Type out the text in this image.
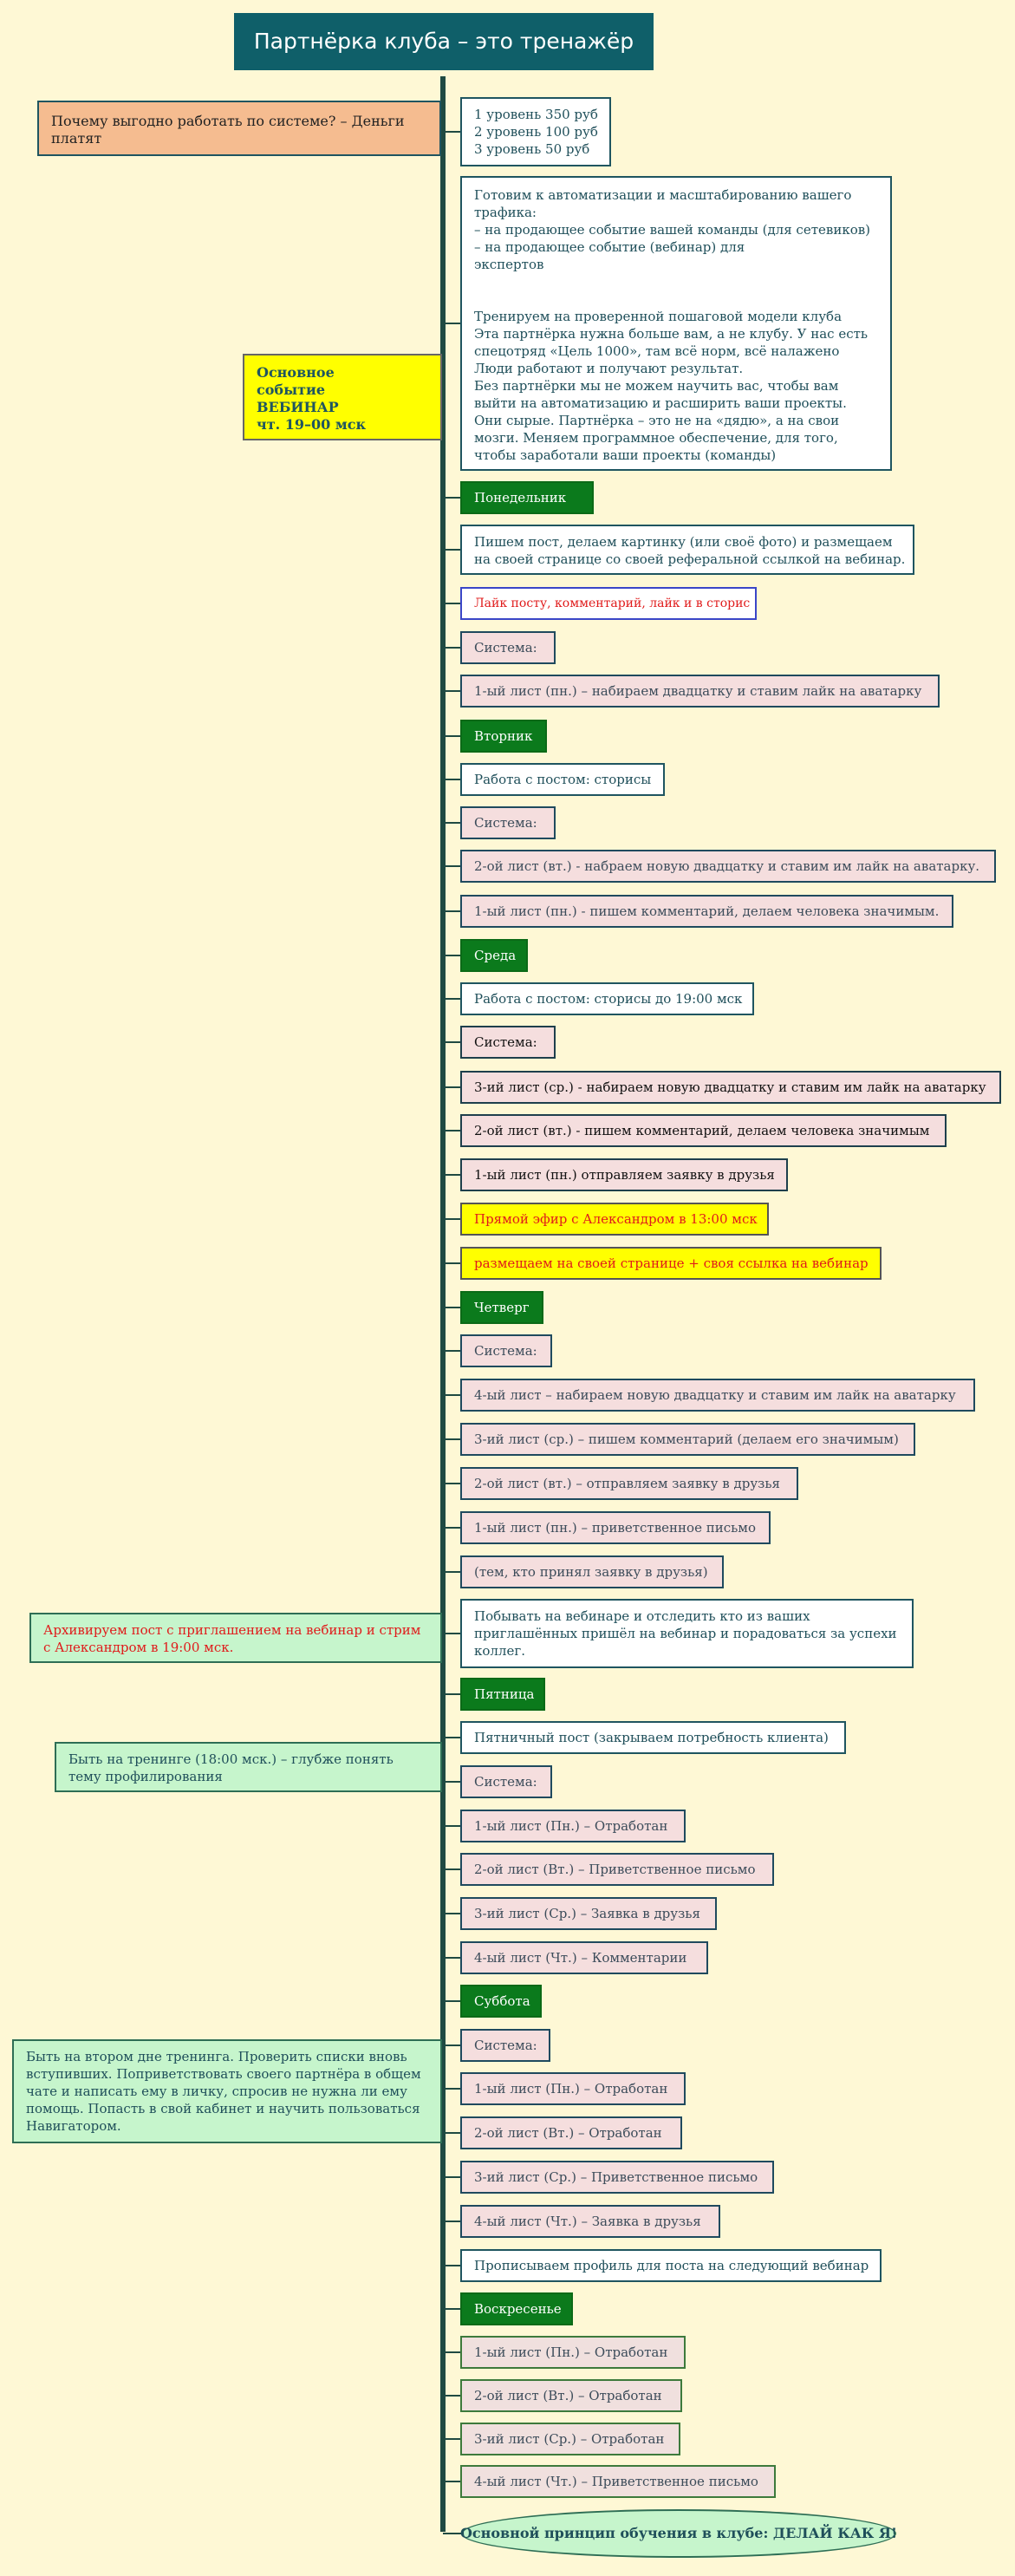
Партнёрка клуба – это тренажёр
Почему выгодно работать по системе? – Деньги платят
Основное
событие
ВЕБИНАР
чт. 19–00 мск
Архивируем пост с приглашением на вебинар и стрим с Александром в 19:00 мск.
Быть на тренинге (18:00 мск.) – глубже понять тему профилирования
Быть на втором дне тренинга. Проверить списки вновь вступивших. Поприветствовать своего партнёра в общем чате и написать ему в личку, спросив не нужна ли ему помощь. Попасть в свой кабинет и научить пользоваться Навигатором.
1 уровень 350 руб
2 уровень 100 руб
3 уровень 50 руб
Готовим к автоматизации и масштабированию вашего
трафика:
– на продающее событие вашей команды (для сетевиков)
– на продающее событие (вебинар) для
экспертов
Тренируем на проверенной пошаговой модели клуба
Эта партнёрка нужна больше вам, а не клубу. У нас есть
спецотряд «Цель 1000», там всё норм, всё налажено
Люди работают и получают результат.
Без партнёрки мы не можем научить вас, чтобы вам
выйти на автоматизацию и расширить ваши проекты.
Они сырые. Партнёрка – это не на «дядю», а на свои
мозги. Меняем программное обеспечение, для того,
чтобы заработали ваши проекты (команды)
Понедельник
Пишем пост, делаем картинку (или своё фото) и размещаем
на своей странице со своей реферальной ссылкой на вебинар.
Лайк посту, комментарий, лайк и в сторис
Система:
1-ый лист (пн.) – набираем двадцатку и ставим лайк на аватарку
Вторник
Работа с постом: сторисы
Система:
2-ой лист (вт.) - набраем новую двадцатку и ставим им лайк на аватарку.
1-ый лист (пн.) - пишем комментарий, делаем человека значимым.
Среда
Работа с постом: сторисы до 19:00 мск
Система:
3-ий лист (ср.) - набираем новую двадцатку и ставим им лайк на аватарку
2-ой лист (вт.) - пишем комментарий, делаем человека значимым
1-ый лист (пн.) отправляем заявку в друзья
Прямой эфир с Александром в 13:00 мск
размещаем на своей странице + своя ссылка на вебинар
Четверг
Система:
4-ый лист – набираем новую двадцатку и ставим им лайк на аватарку
3-ий лист (ср.) – пишем комментарий (делаем его значимым)
2-ой лист (вт.) – отправляем заявку в друзья
1-ый лист (пн.) – приветственное письмо
(тем, кто принял заявку в друзья)
Побывать на вебинаре и отследить кто из ваших
приглашённых пришёл на вебинар и порадоваться за успехи
коллег.
Пятница
Пятничный пост (закрываем потребность клиента)
Система:
1-ый лист (Пн.) – Отработан
2-ой лист (Вт.) – Приветственное письмо
3-ий лист (Ср.) – Заявка в друзья
4-ый лист (Чт.) – Комментарии
Суббота
Система:
1-ый лист (Пн.) – Отработан
2-ой лист (Вт.) – Отработан
3-ий лист (Ср.) – Приветственное письмо
4-ый лист (Чт.) – Заявка в друзья
Прописываем профиль для поста на следующий вебинар
Воскресенье
1-ый лист (Пн.) – Отработан
2-ой лист (Вт.) – Отработан
3-ий лист (Ср.) – Отработан
4-ый лист (Чт.) – Приветственное письмо
Основной принцип обучения в клубе: ДЕЛАЙ КАК Я!
